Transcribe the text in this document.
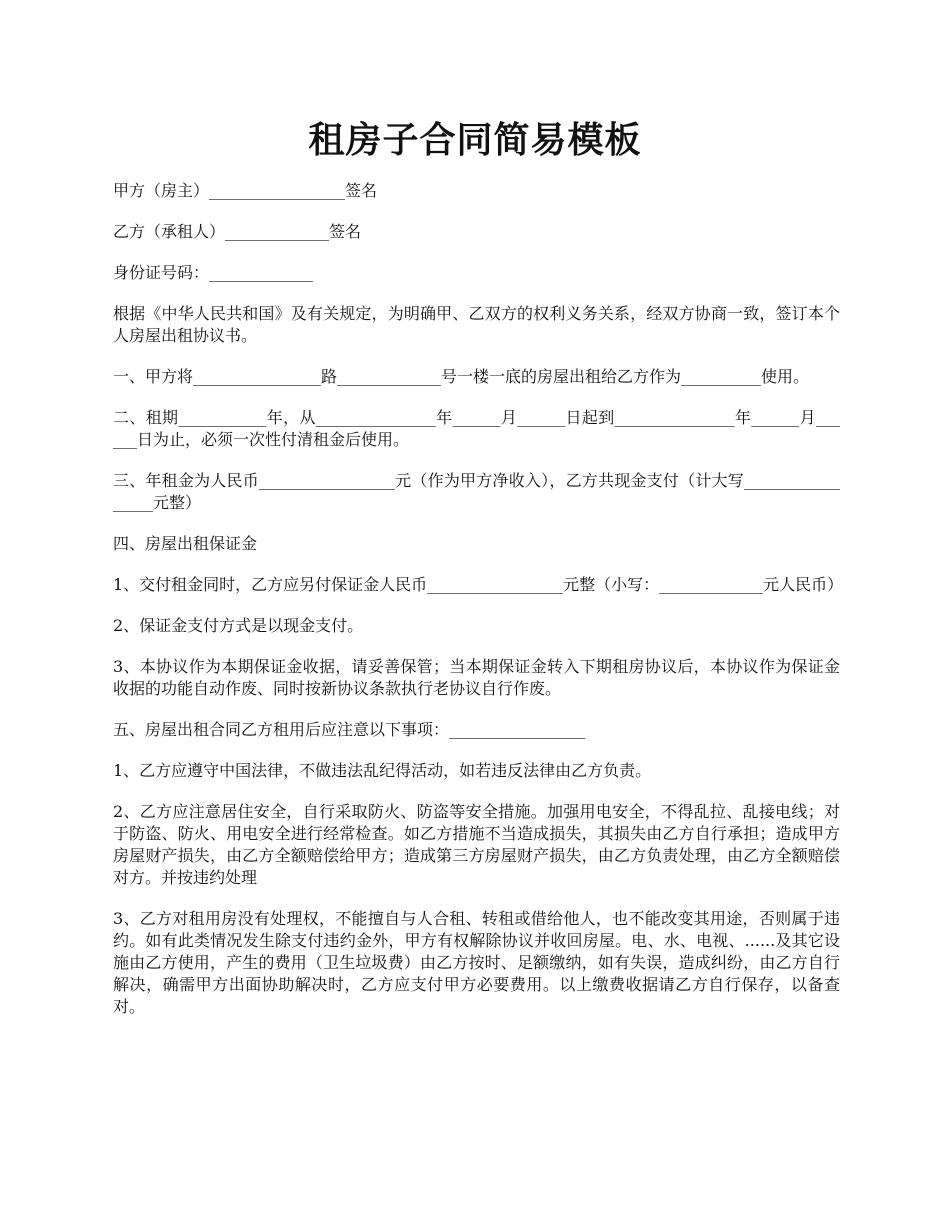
租房子合同简易模板

甲方（房主）_________________签名

乙方（承租人）_____________签名

身份证号码：_____________

根据《中华人民共和国》及有关规定，为明确甲、乙双方的权利义务关系，经双方协商一致，签订本个人房屋出租协议书。

一、甲方将________________路_____________号一楼一底的房屋出租给乙方作为__________使用。

二、租期___________年，从_______________年______月______日起到_______________年______月______日为止，必须一次性付清租金后使用。

三、年租金为人民币_________________元（作为甲方净收入），乙方共现金支付（计大写_________________元整）

四、房屋出租保证金

1、交付租金同时，乙方应另付保证金人民币_________________元整（小写：_____________元人民币）

2、保证金支付方式是以现金支付。

3、本协议作为本期保证金收据，请妥善保管；当本期保证金转入下期租房协议后，本协议作为保证金收据的功能自动作废、同时按新协议条款执行老协议自行作废。

五、房屋出租合同乙方租用后应注意以下事项：_________________

1、乙方应遵守中国法律，不做违法乱纪得活动，如若违反法律由乙方负责。

2、乙方应注意居住安全，自行采取防火、防盗等安全措施。加强用电安全，不得乱拉、乱接电线；对于防盗、防火、用电安全进行经常检查。如乙方措施不当造成损失，其损失由乙方自行承担；造成甲方房屋财产损失，由乙方全额赔偿给甲方；造成第三方房屋财产损失，由乙方负责处理，由乙方全额赔偿对方。并按违约处理

3、乙方对租用房没有处理权，不能擅自与人合租、转租或借给他人，也不能改变其用途，否则属于违约。如有此类情况发生除支付违约金外，甲方有权解除协议并收回房屋。电、水、电视、......及其它设施由乙方使用，产生的费用（卫生垃圾费）由乙方按时、足额缴纳，如有失误，造成纠纷，由乙方自行解决，确需甲方出面协助解决时，乙方应支付甲方必要费用。以上缴费收据请乙方自行保存，以备查对。
